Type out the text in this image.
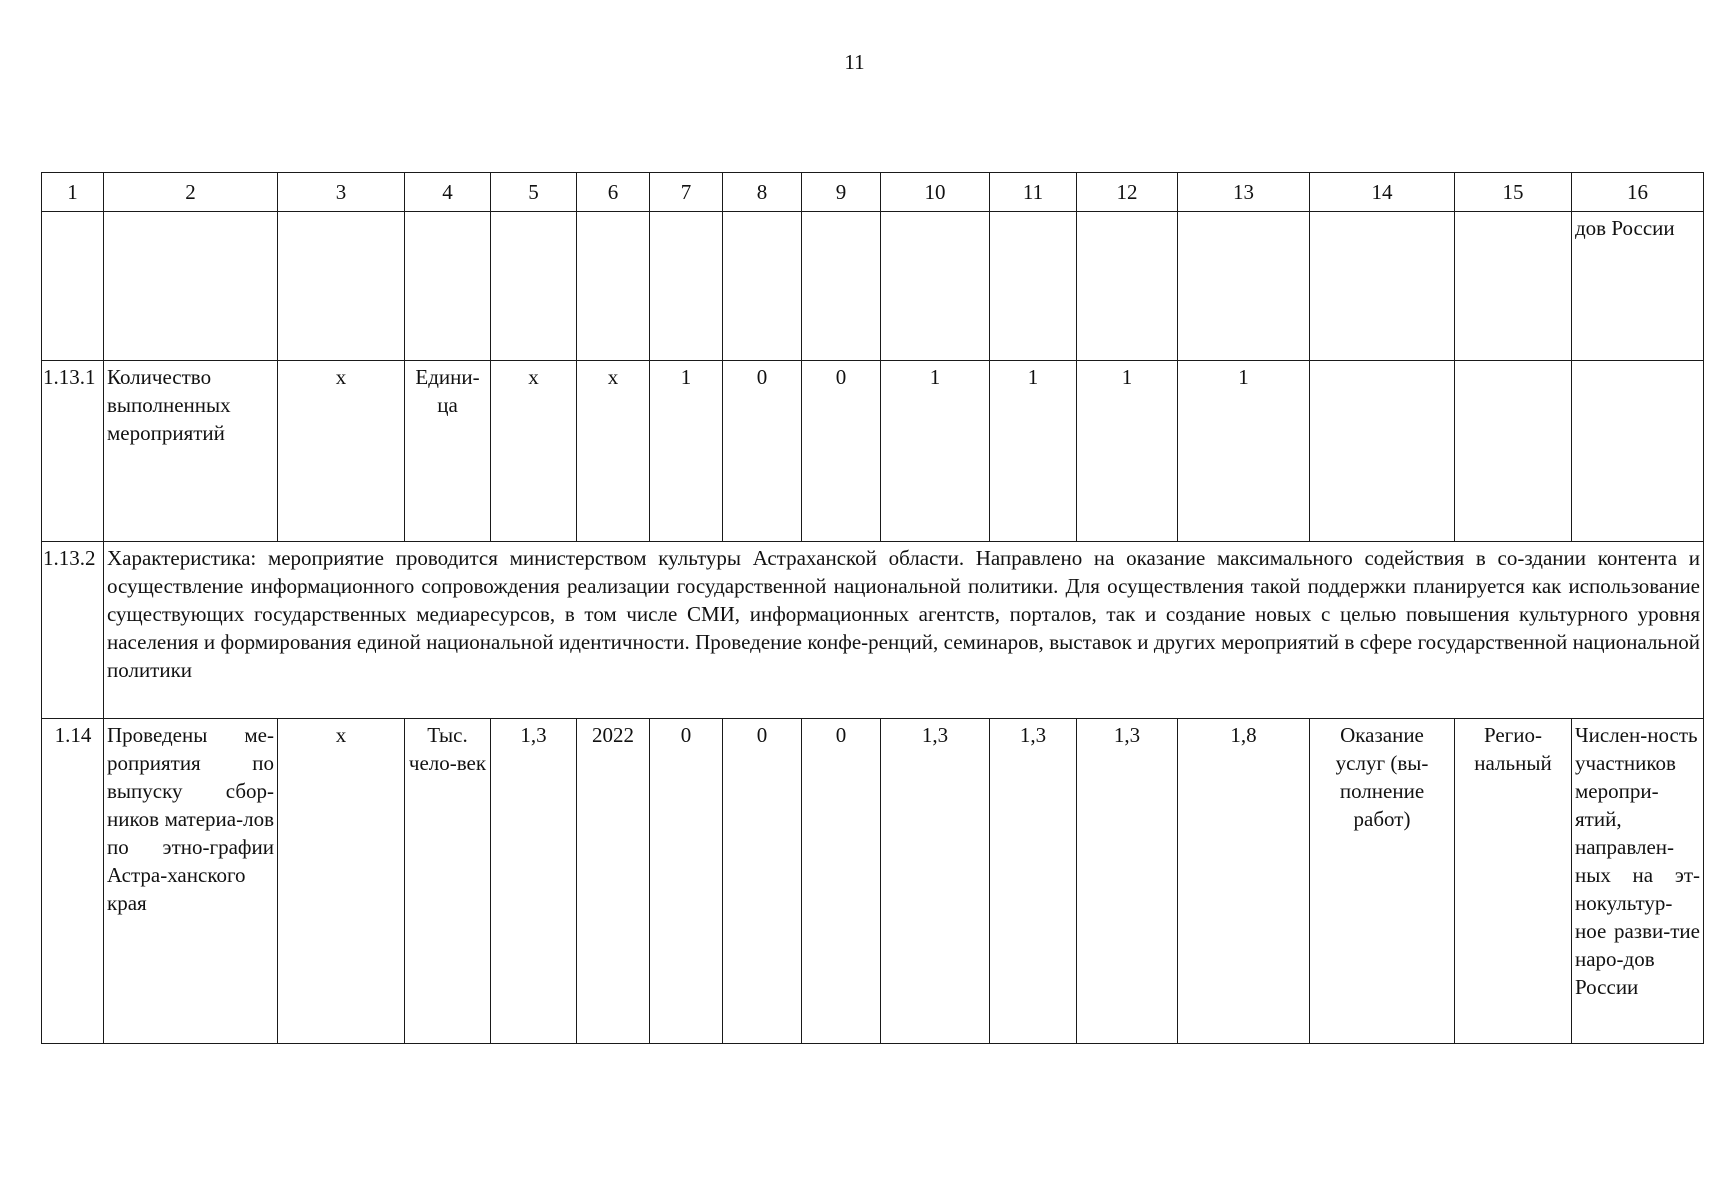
11
1	2	3	4	5	6	7	8	9	10	11	12	13	14	15	16
															дов России
1.13.1	Количество выполненных мероприятий	x	Едини-ца	x	x	1	0	0	1	1	1	1			
1.13.2	Характеристика: мероприятие проводится министерством культуры Астраханской области. Направлено на оказание максимального содействия в со-здании контента и осуществление информационного сопровождения реализации государственной национальной политики. Для осуществления такой поддержки планируется как использование существующих государственных медиаресурсов, в том числе СМИ, информационных агентств, порталов, так и создание новых с целью повышения культурного уровня населения и формирования единой национальной идентичности. Проведение конфе-ренций, семинаров, выставок и других мероприятий в сфере государственной национальной политики														
1.14	Проведены ме-роприятия по выпуску сбор-ников материа-лов по этно-графии Астра-ханского края	x	Тыс. чело-век	1,3	2022	0	0	0	1,3	1,3	1,3	1,8	Оказание услуг (вы-полнение работ)	Регио-нальный	Числен-ность участников меропри-ятий, направлен-ных на эт-нокультур-ное разви-тие наро-дов России
